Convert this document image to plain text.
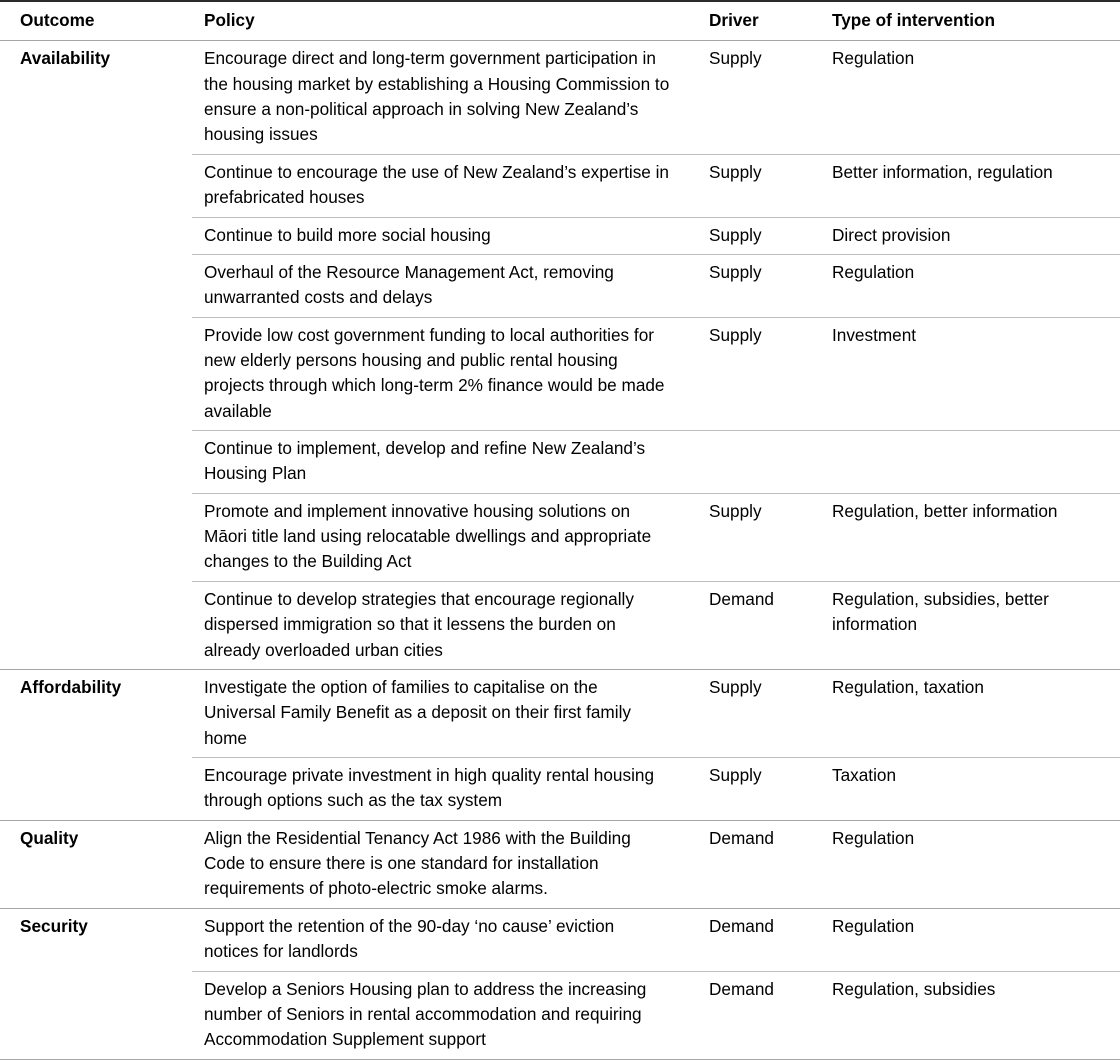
Outcome	Policy	Driver	Type of intervention
Availability	Encourage direct and long-term government participation in the housing market by establishing a Housing Commission to ensure a non-political approach in solving New Zealand’s housing issues	Supply	Regulation
	Continue to encourage the use of New Zealand’s expertise in prefabricated houses	Supply	Better information, regulation
	Continue to build more social housing	Supply	Direct provision
	Overhaul of the Resource Management Act, removing unwarranted costs and delays	Supply	Regulation
	Provide low cost government funding to local authorities for new elderly persons housing and public rental housing projects through which long-term 2% finance would be made available	Supply	Investment
	Continue to implement, develop and refine New Zealand’s Housing Plan		
	Promote and implement innovative housing solutions on Māori title land using relocatable dwellings and appropriate changes to the Building Act	Supply	Regulation, better information
	Continue to develop strategies that encourage regionally dispersed immigration so that it lessens the burden on already overloaded urban cities	Demand	Regulation, subsidies, better information
Affordability	Investigate the option of families to capitalise on the Universal Family Benefit as a deposit on their first family home	Supply	Regulation, taxation
	Encourage private investment in high quality rental housing through options such as the tax system	Supply	Taxation
Quality	Align the Residential Tenancy Act 1986 with the Building Code to ensure there is one standard for installation requirements of photo-electric smoke alarms.	Demand	Regulation
Security	Support the retention of the 90-day ‘no cause’ eviction notices for landlords	Demand	Regulation
	Develop a Seniors Housing plan to address the increasing number of Seniors in rental accommodation and requiring Accommodation Supplement support	Demand	Regulation, subsidies
